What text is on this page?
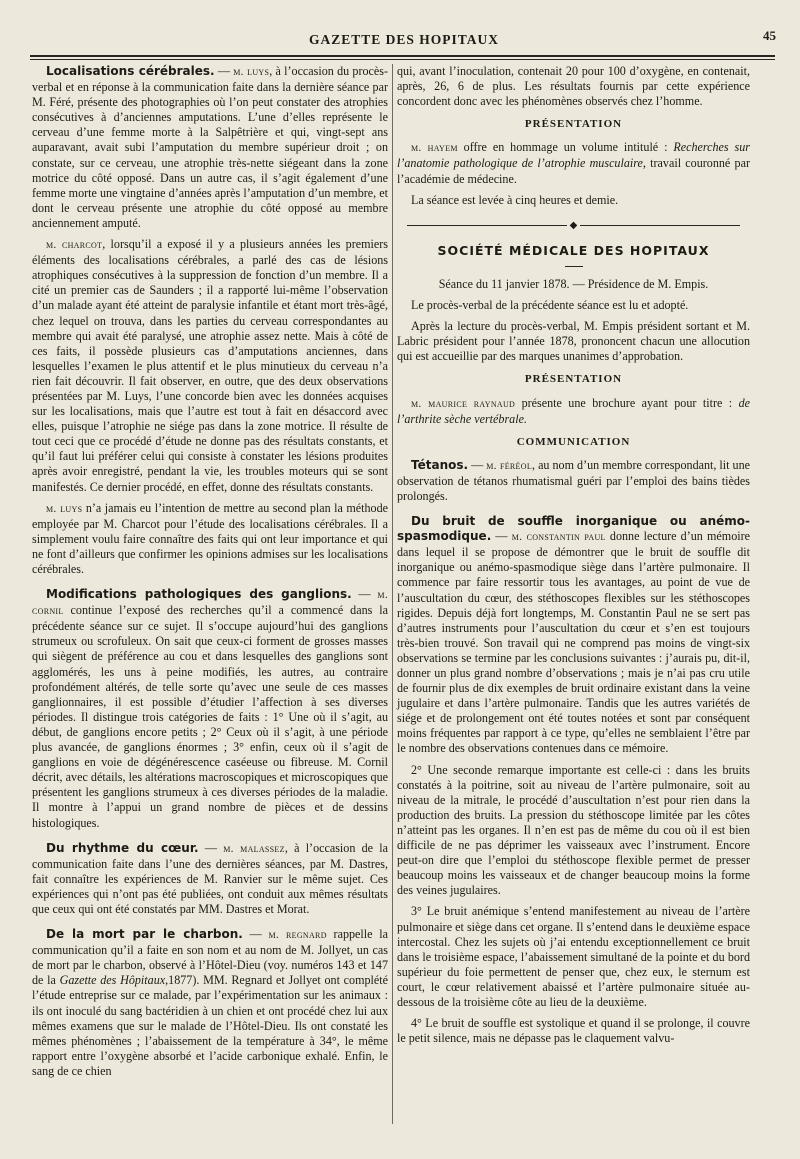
GAZETTE DES HOPITAUX	45

Localisations cérébrales. — m. luys, à l’occasion du procès-verbal et en réponse à la communication faite dans la dernière séance par M. Féré, présente des photographies où l’on peut constater des atrophies consécutives à d’anciennes amputations. L’une d’elles représente le cerveau d’une femme morte à la Salpêtrière et qui, vingt-sept ans auparavant, avait subi l’amputation du membre supérieur droit ; on constate, sur ce cerveau, une atrophie très-nette siégeant dans la zone motrice du côté opposé. Dans un autre cas, il s’agit également d’une femme morte une vingtaine d’années après l’amputation d’un membre, et dont le cerveau présente une atrophie du côté opposé au membre anciennement amputé.

m. charcot, lorsqu’il a exposé il y a plusieurs années les premiers éléments des localisations cérébrales, a parlé des cas de lésions atrophiques consécutives à la suppression de fonction d’un membre. Il a cité un premier cas de Saunders ; il a rapporté lui-même l’observation d’un malade ayant été atteint de paralysie infantile et étant mort très-âgé, chez lequel on trouva, dans les parties du cerveau correspondantes au membre qui avait été paralysé, une atrophie assez nette. Mais à côté de ces faits, il possède plusieurs cas d’amputations anciennes, dans lesquelles l’examen le plus attentif et le plus minutieux du cerveau n’a rien fait découvrir. Il fait observer, en outre, que des deux observations présentées par M. Luys, l’une concorde bien avec les données acquises sur les localisations, mais que l’autre est tout à fait en désaccord avec elles, puisque l’atrophie ne siége pas dans la zone motrice. Il résulte de tout ceci que ce procédé d’étude ne donne pas des résultats constants, et qu’il faut lui préférer celui qui consiste à constater les lésions produites après avoir enregistré, pendant la vie, les troubles moteurs qui se sont manifestés. Ce dernier procédé, en effet, donne des résultats constants.

m. luys n’a jamais eu l’intention de mettre au second plan la méthode employée par M. Charcot pour l’étude des localisations cérébrales. Il a simplement voulu faire connaître des faits qui ont leur importance et qui ne font d’ailleurs que confirmer les opinions admises sur les localisations cérébrales.

Modifications pathologiques des ganglions. — m. cornil continue l’exposé des recherches qu’il a commencé dans la précédente séance sur ce sujet. Il s’occupe aujourd’hui des ganglions strumeux ou scrofuleux. On sait que ceux-ci forment de grosses masses qui siègent de préférence au cou et dans lesquelles des ganglions sont agglomérés, les uns à peine modifiés, les autres, au contraire profondément altérés, de telle sorte qu’avec une seule de ces masses ganglionnaires, il est possible d’étudier l’affection à ses diverses périodes. Il distingue trois catégories de faits : 1° Une où il s’agit, au début, de ganglions encore petits ; 2° Ceux où il s’agit, à une période plus avancée, de ganglions énormes ; 3° enfin, ceux où il s’agit de ganglions en voie de dégénérescence caséeuse ou fibreuse. M. Cornil décrit, avec détails, les altérations macroscopiques et microscopiques que présentent les ganglions strumeux à ces diverses périodes de la maladie. Il montre à l’appui un grand nombre de pièces et de dessins histologiques.

Du rhythme du cœur. — m. malassez, à l’occasion de la communication faite dans l’une des dernières séances, par M. Dastres, fait connaître les expériences de M. Ranvier sur le même sujet. Ces expériences qui n’ont pas été publiées, ont conduit aux mêmes résultats que ceux qui ont été constatés par MM. Dastres et Morat.

De la mort par le charbon. — m. regnard rappelle la communication qu’il a faite en son nom et au nom de M. Jollyet, un cas de mort par le charbon, observé à l’Hôtel-Dieu (voy. numéros 143 et 147 de la Gazette des Hôpitaux,1877). MM. Regnard et Jollyet ont complété l’étude entreprise sur ce malade, par l’expérimentation sur les animaux : ils ont inoculé du sang bactéridien à un chien et ont procédé chez lui aux mêmes examens que sur le malade de l’Hôtel-Dieu. Ils ont constaté les mêmes phénomènes ; l’abaissement de la température à 34°, le même rapport entre l’oxygène absorbé et l’acide carbonique exhalé. Enfin, le sang de ce chien

qui, avant l’inoculation, contenait 20 pour 100 d’oxygène, en contenait, après, 26, 6 de plus. Les résultats fournis par cette expérience concordent donc avec les phénomènes observés chez l’homme.

PRÉSENTATION

m. hayem offre en hommage un volume intitulé : Recherches sur l’anatomie pathologique de l’atrophie musculaire, travail couronné par l’académie de médecine.

La séance est levée à cinq heures et demie.

◆
SOCIÉTÉ MÉDICALE DES HOPITAUX

Séance du 11 janvier 1878. — Présidence de M. Empis.

Le procès-verbal de la précédente séance est lu et adopté.

Après la lecture du procès-verbal, M. Empis président sortant et M. Labric président pour l’année 1878, prononcent chacun une allocution qui est accueillie par des marques unanimes d’approbation.

PRÉSENTATION

m. maurice raynaud présente une brochure ayant pour titre : de l’arthrite sèche vertébrale.

COMMUNICATION

Tétanos. — m. féréol, au nom d’un membre correspondant, lit une observation de tétanos rhumatismal guéri par l’emploi des bains tièdes prolongés.

Du bruit de souffle inorganique ou anémo-spasmodique. — m. constantin paul donne lecture d’un mémoire dans lequel il se propose de démontrer que le bruit de souffle dit inorganique ou anémo-spasmodique siège dans l’artère pulmonaire. Il commence par faire ressortir tous les avantages, au point de vue de l’auscultation du cœur, des stéthoscopes flexibles sur les stéthoscopes rigides. Depuis déjà fort longtemps, M. Constantin Paul ne se sert pas d’autres instruments pour l’auscultation du cœur et s’en est toujours très-bien trouvé. Son travail qui ne comprend pas moins de vingt-six observations se termine par les conclusions suivantes : j’aurais pu, dit-il, donner un plus grand nombre d’observations ; mais je n’ai pas cru utile de fournir plus de dix exemples de bruit ordinaire existant dans la veine jugulaire et dans l’artère pulmonaire. Tandis que les autres variétés de siége et de prolongement ont été toutes notées et sont par conséquent moins fréquentes par rapport à ce type, qu’elles ne semblaient l’être par le nombre des observations contenues dans ce mémoire.

2° Une seconde remarque importante est celle-ci : dans les bruits constatés à la poitrine, soit au niveau de l’artère pulmonaire, soit au niveau de la mitrale, le procédé d’auscultation n’est pour rien dans la production des bruits. La pression du stéthoscope limitée par les côtes n’atteint pas les organes. Il n’en est pas de même du cou où il est bien difficile de ne pas déprimer les vaisseaux avec l’instrument. Encore peut-on dire que l’emploi du stéthoscope flexible permet de presser beaucoup moins les vaisseaux et de changer beaucoup moins la forme des veines jugulaires.

3° Le bruit anémique s’entend manifestement au niveau de l’artère pulmonaire et siège dans cet organe. Il s’entend dans le deuxième espace intercostal. Chez les sujets où j’ai entendu exceptionnellement ce bruit dans le troisième espace, l’abaissement simultané de la pointe et du bord supérieur du foie permettent de penser que, chez eux, le sternum est court, le cœur relativement abaissé et l’artère pulmonaire située au-dessous de la troisième côte au lieu de la deuxième.

4° Le bruit de souffle est systolique et quand il se prolonge, il couvre le petit silence, mais ne dépasse pas le claquement valvu-
